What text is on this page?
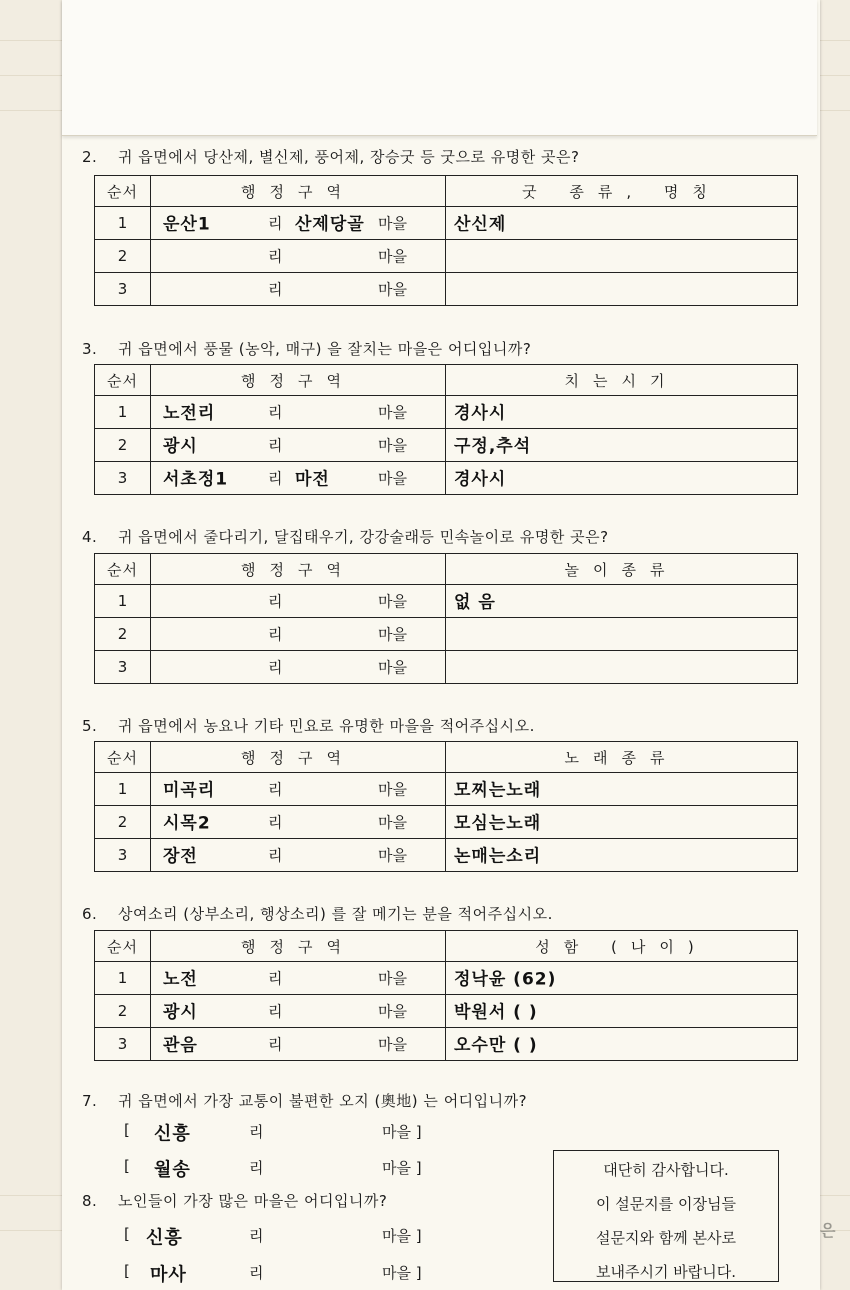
2. 귀 읍면에서 당산제, 별신제, 풍어제, 장승굿 등 굿으로 유명한 곳은?
순서	행정구역	굿 종류, 명칭
1	운산1 리 산제당골 마을	산신제

2	리 마을	

3	리 마을	

3. 귀 읍면에서 풍물 (농악, 매구) 을 잘치는 마을은 어디입니까?
순서	행정구역	치는시기
1	노전리 리 마을	경사시

2	광시 리 마을	구정,추석

3	서초정1 리 마전 마을	경사시
4. 귀 읍면에서 줄다리기, 달집태우기, 강강술래등 민속놀이로 유명한 곳은?
순서	행정구역	놀이종류
1	리 마을	없 음

2	리 마을	

3	리 마을	

5. 귀 읍면에서 농요나 기타 민요로 유명한 마을을 적어주십시오.
순서	행정구역	노래종류
1	미곡리 리 마을	모찌는노래

2	시목2 리 마을	모심는노래

3	장전 리 마을	논매는소리
6. 상여소리 (상부소리, 행상소리) 를 잘 메기는 분을 적어주십시오.
순서	행정구역	성함 (나이)
1	노전 리 마을	정낙윤 (62)

2	광시 리 마을	박원서 ( )

3	관음 리 마을	오수만 ( )
7. 귀 읍면에서 가장 교통이 불편한 오지 (奧地) 는 어디입니까?
[ 신흥	리	마을 ]
[ 월송	리	마을 ]
8. 노인들이 가장 많은 마을은 어디입니까?
[ 신흥	리	마을 ]
[ 마사	리	마을 ]
대단히 감사합니다.
이 설문지를 이장님들
설문지와 함께 본사로
보내주시기 바랍니다.
은
